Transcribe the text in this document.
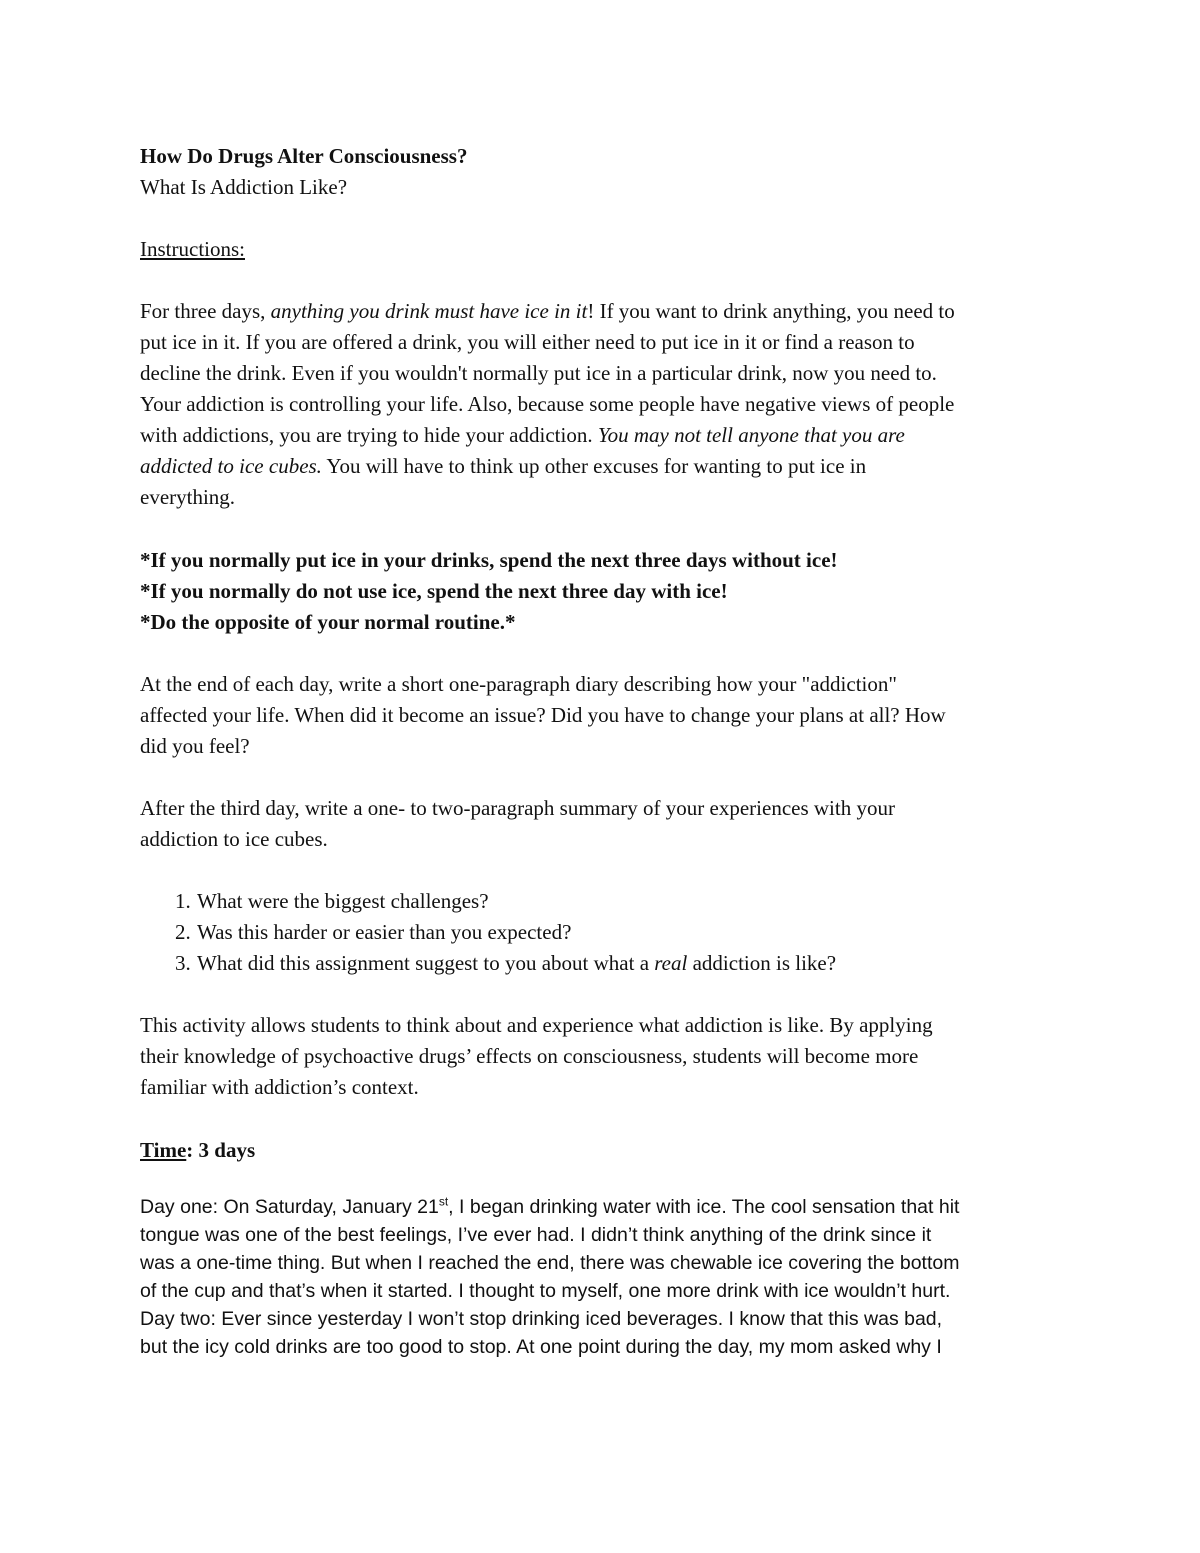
How Do Drugs Alter Consciousness?
What Is Addiction Like?
Instructions:
For three days, anything you drink must have ice in it! If you want to drink anything, you need to
put ice in it. If you are offered a drink, you will either need to put ice in it or find a reason to
decline the drink. Even if you wouldn't normally put ice in a particular drink, now you need to.
Your addiction is controlling your life. Also, because some people have negative views of people
with addictions, you are trying to hide your addiction. You may not tell anyone that you are
addicted to ice cubes. You will have to think up other excuses for wanting to put ice in
everything.
*If you normally put ice in your drinks, spend the next three days without ice!
*If you normally do not use ice, spend the next three day with ice!
*Do the opposite of your normal routine.*
At the end of each day, write a short one-paragraph diary describing how your "addiction"
affected your life. When did it become an issue? Did you have to change your plans at all? How
did you feel?
After the third day, write a one- to two-paragraph summary of your experiences with your
addiction to ice cubes.
1. What were the biggest challenges?
2. Was this harder or easier than you expected?
3. What did this assignment suggest to you about what a real addiction is like?
This activity allows students to think about and experience what addiction is like. By applying
their knowledge of psychoactive drugs’ effects on consciousness, students will become more
familiar with addiction’s context.
Time: 3 days
Day one: On Saturday, January 21st, I began drinking water with ice. The cool sensation that hit
tongue was one of the best feelings, I’ve ever had. I didn’t think anything of the drink since it
was a one-time thing. But when I reached the end, there was chewable ice covering the bottom
of the cup and that’s when it started. I thought to myself, one more drink with ice wouldn’t hurt.
Day two: Ever since yesterday I won’t stop drinking iced beverages. I know that this was bad,
but the icy cold drinks are too good to stop. At one point during the day, my mom asked why I
